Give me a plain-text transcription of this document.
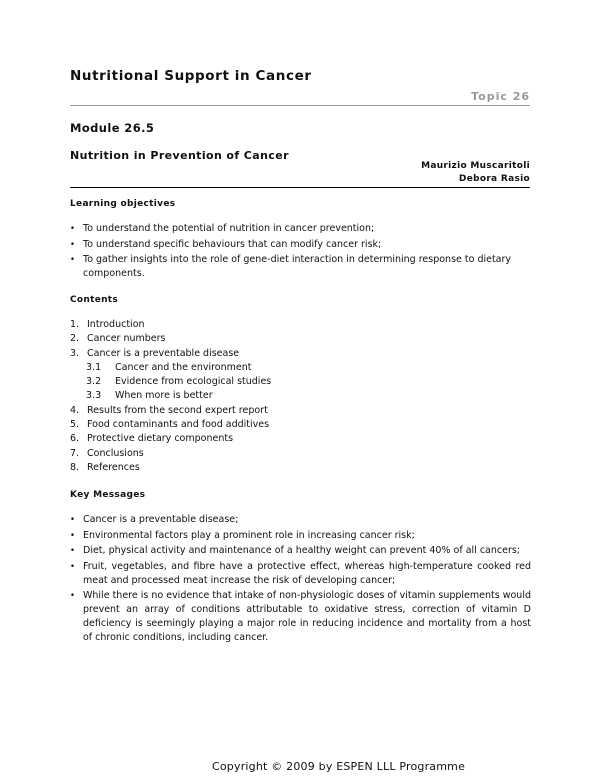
Nutritional Support in Cancer
Topic 26
Module 26.5
Nutrition in Prevention of Cancer
Maurizio Muscaritoli
Debora Rasio
Learning objectives
• To understand the potential of nutrition in cancer prevention;
• To understand specific behaviours that can modify cancer risk;
• To gather insights into the role of gene-diet interaction in determining response to dietary components.
Contents
1. Introduction
2. Cancer numbers
3. Cancer is a preventable disease
3.1 Cancer and the environment
3.2 Evidence from ecological studies
3.3 When more is better
4. Results from the second expert report
5. Food contaminants and food additives
6. Protective dietary components
7. Conclusions
8. References
Key Messages
• Cancer is a preventable disease;
• Environmental factors play a prominent role in increasing cancer risk;
• Diet, physical activity and maintenance of a healthy weight can prevent 40% of all cancers;
• Fruit, vegetables, and fibre have a protective effect, whereas high-temperature cooked red meat and processed meat increase the risk of developing cancer;
• While there is no evidence that intake of non-physiologic doses of vitamin supplements would prevent an array of conditions attributable to oxidative stress, correction of vitamin D deficiency is seemingly playing a major role in reducing incidence and mortality from a host of chronic conditions, including cancer.
Copyright © 2009 by ESPEN LLL Programme
